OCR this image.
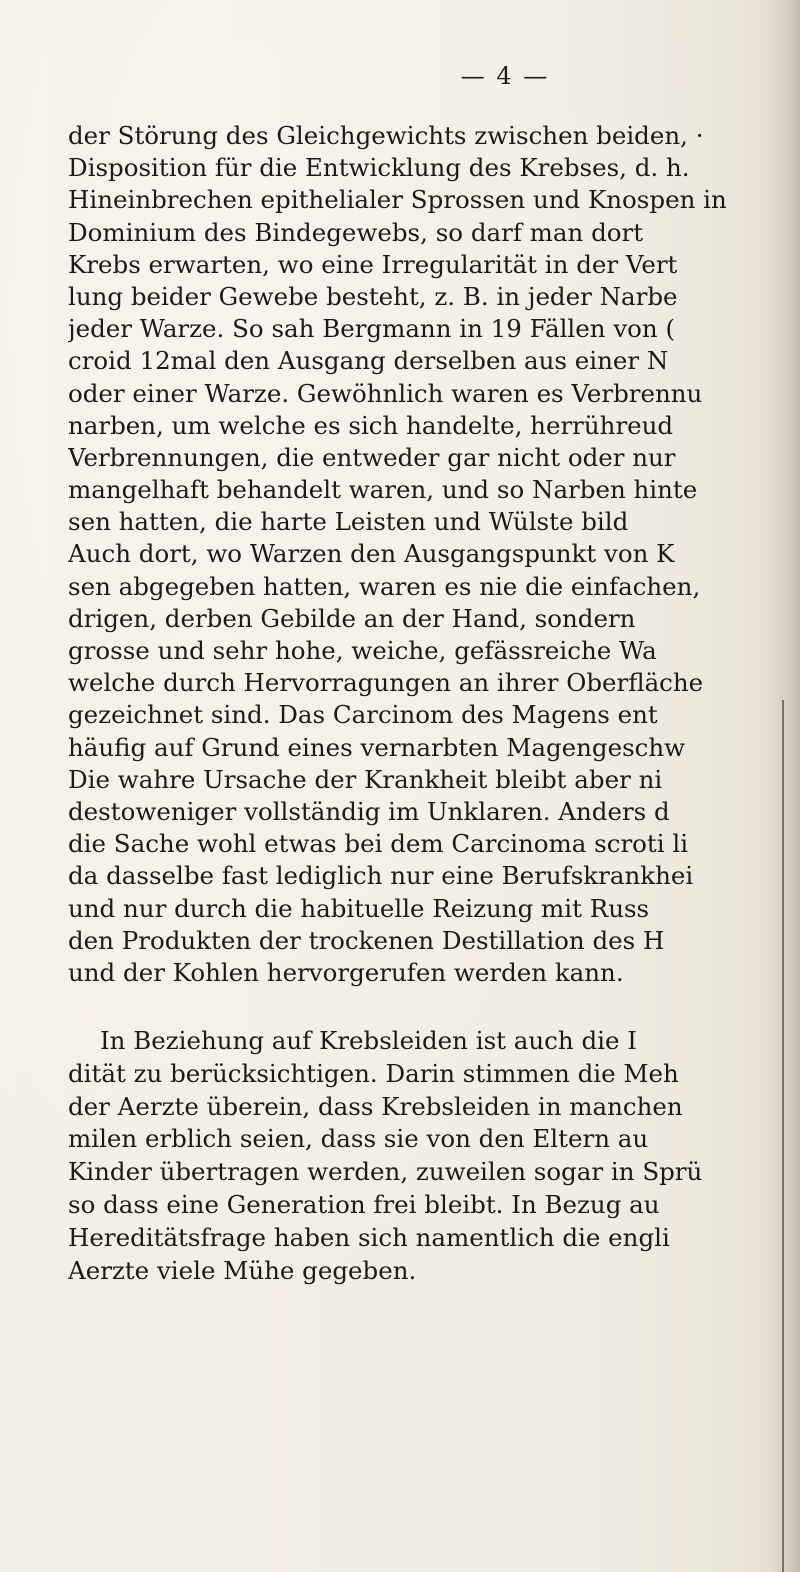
— 4 —
der Störung des Gleichgewichts zwischen beiden, ·
Disposition für die Entwicklung des Krebses, d. h.
Hineinbrechen epithelialer Sprossen und Knospen in
Dominium des Bindegewebs, so darf man dort
Krebs erwarten, wo eine Irregularität in der Vert
lung beider Gewebe besteht, z. B. in jeder Narbe
jeder Warze. So sah Bergmann in 19 Fällen von (
croid 12mal den Ausgang derselben aus einer N
oder einer Warze. Gewöhnlich waren es Verbrennu
narben, um welche es sich handelte, herrühreud
Verbrennungen, die entweder gar nicht oder nur
mangelhaft behandelt waren, und so Narben hinte
sen hatten, die harte Leisten und Wülste bild
Auch dort, wo Warzen den Ausgangspunkt von K
sen abgegeben hatten, waren es nie die einfachen,
drigen, derben Gebilde an der Hand, sondern
grosse und sehr hohe, weiche, gefässreiche Wa
welche durch Hervorragungen an ihrer Oberfläche
gezeichnet sind. Das Carcinom des Magens ent
häufig auf Grund eines vernarbten Magengeschw
Die wahre Ursache der Krankheit bleibt aber ni
destoweniger vollständig im Unklaren. Anders d
die Sache wohl etwas bei dem Carcinoma scroti li
da dasselbe fast lediglich nur eine Berufskrankhei
und nur durch die habituelle Reizung mit Russ
den Produkten der trockenen Destillation des H
und der Kohlen hervorgerufen werden kann.
In Beziehung auf Krebsleiden ist auch die I
dität zu berücksichtigen. Darin stimmen die Meh
der Aerzte überein, dass Krebsleiden in manchen
milen erblich seien, dass sie von den Eltern au
Kinder übertragen werden, zuweilen sogar in Sprü
so dass eine Generation frei bleibt. In Bezug au
Hereditätsfrage haben sich namentlich die engli
Aerzte viele Mühe gegeben.
